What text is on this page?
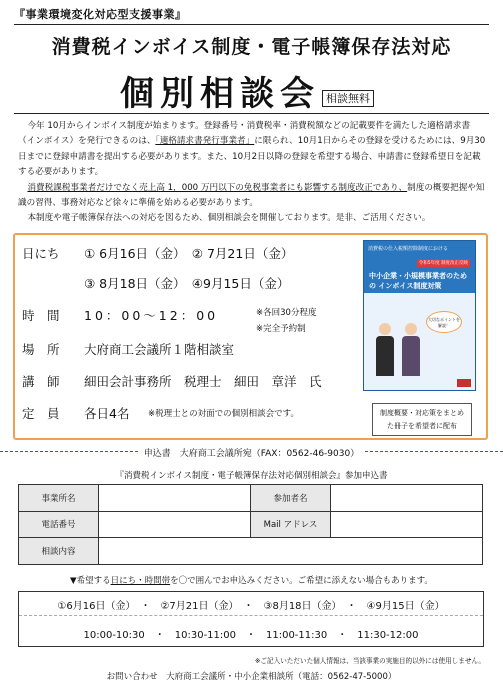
『事業環境変化対応型支援事業』
消費税インボイス制度・電子帳簿保存法対応
個別相談会 相談無料

今年 10月からインボイス制度が始まります。登録番号・消費税率・消費税額などの記載要件を満たした適格請求書（インボイス）を発行できるのは、「適格請求書発行事業者」に限られ、10月1日からその登録を受けるためには、9月30日までに登録申請書を提出する必要があります。また、10月2日以降の登録を希望する場合、申請書に登録希望日を記載する必要があります。

消費税課税事業者だけでなく売上高 1，000 万円以下の免税事業者にも影響する制度改正であり、制度の概要把握や知識の習得、事務対応など徐々に準備を始める必要があります。

本制度や電子帳簿保存法への対応を図るため、個別相談会を開催しております。是非、ご活用ください。

日にち ① 6月16日（金）　② 7月21日（金）
③ 8月18日（金）　④9月15日（金）
時　間 10：00～12：00	※各回30分程度
※完全予約制
場　所 大府商工会議所１階相談室
講　師 細田会計事務所　税理士　細田　章洋　氏
定　員 各日4名 ※税理士との対面での個別相談会です。
消費税の仕入税額控除制度における
令和5年度 制度改正反映
中小企業・小規模事業者のための インボイス制度対策
大切なポイントを解説！
制度概要・対応策をまとめた冊子を希望者に配布
申込書　大府商工会議所宛（FAX：0562-46-9030）
『消費税インボイス制度・電子帳簿保存法対応個別相談会』参加申込書
事業所名		参加者名	
電話番号		Mail アドレス	
相談内容			
▼希望する日にち・時間帯を〇で囲んでお申込みください。ご希望に添えない場合もあります。
①6月16日（金）　・　②7月21日（金）　・　③8月18日（金）　・　④9月15日（金）
10:00-10:30　・　10:30-11:00　・　11:00-11:30　・　11:30-12:00
※ご記入いただいた個人情報は、当該事業の実施目的以外には使用しません。
お問い合わせ　大府商工会議所・中小企業相談所（電話：0562-47-5000）
